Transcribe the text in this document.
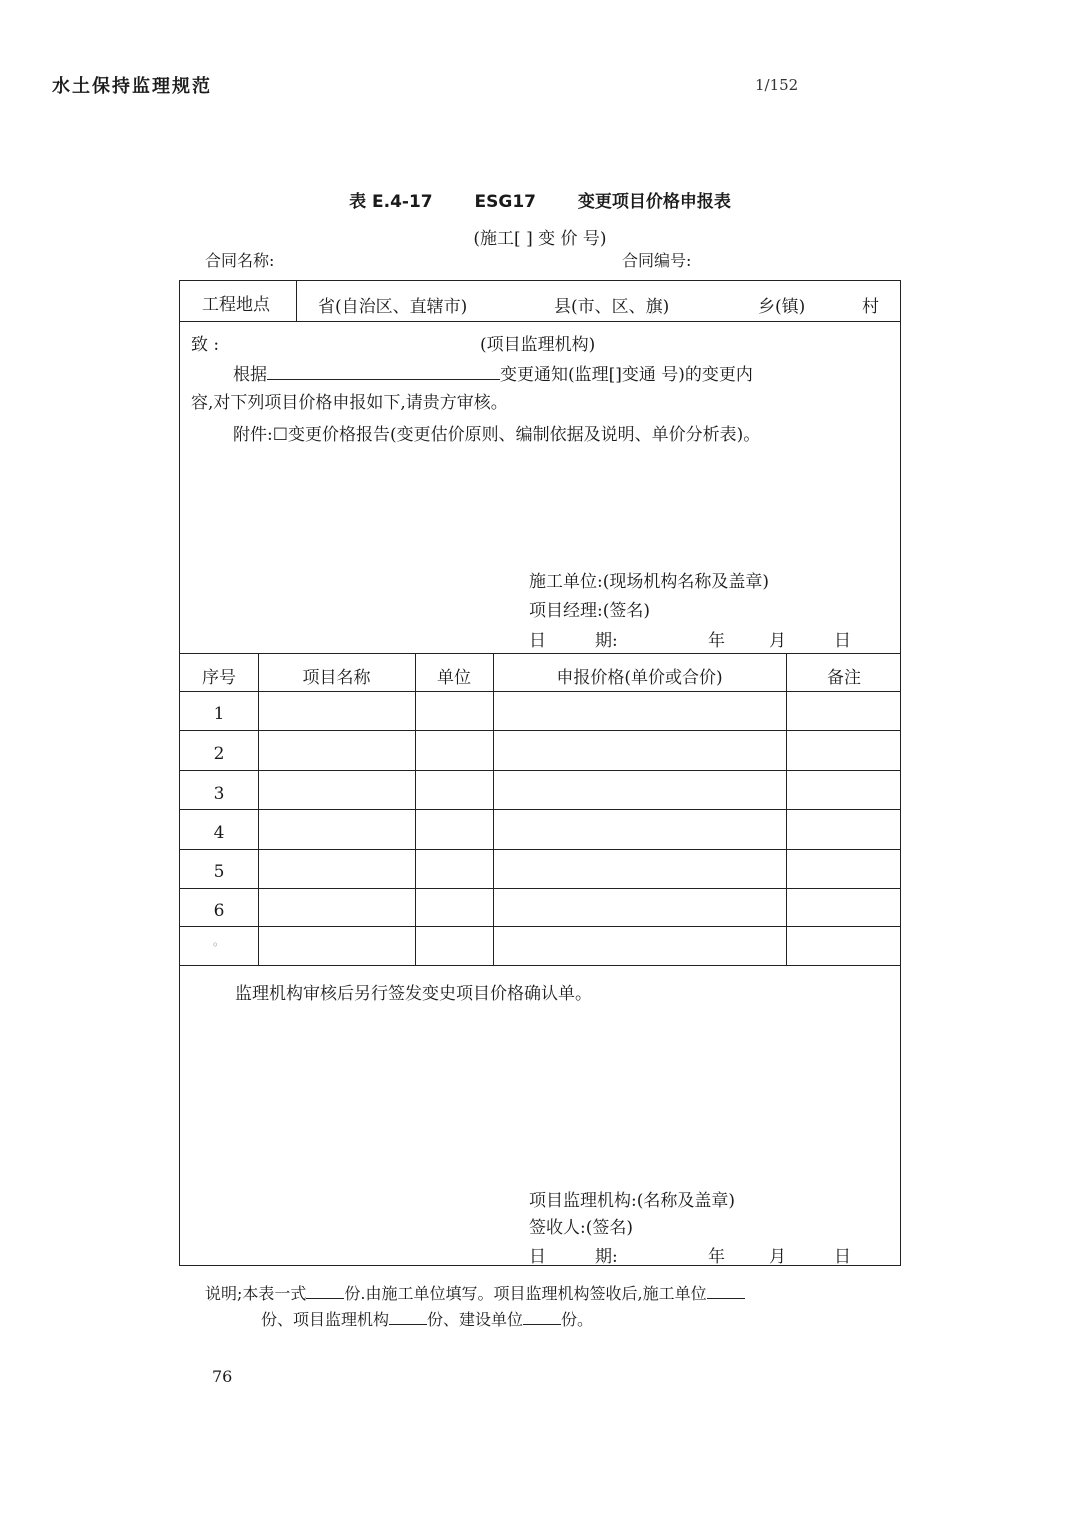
水土保持监理规范	1/152
表 E.4-17 ESG17 变更项目价格申报表
(施工[ ] 变 价 号)
合同名称:	合同编号:
工程地点	省(自治区、直辖市)	县(市、区、旗)	乡(镇)	村
致 :	(项目监理机构)
根据	变更通知(监理[]变通 号)的变更内
容,对下列项目价格申报如下,请贵方审核。
附件:☐变更价格报告(变更估价原则、编制依据及说明、单价分析表)。
施工单位:(现场机构名称及盖章)
项目经理:(签名)
日	期:	年	月	日
序号	项目名称	单位	申报价格(单价或合价)	备注
1
2
3
4
5
6
。
监理机构审核后另行签发变史项目价格确认单。
项目监理机构:(名称及盖章)
签收人:(签名)
日	期:	年	月	日
说明;本表一式 份.由施工单位填写。项目监理机构签收后,施工单位
份、项目监理机构 份、建设单位 份。
76
